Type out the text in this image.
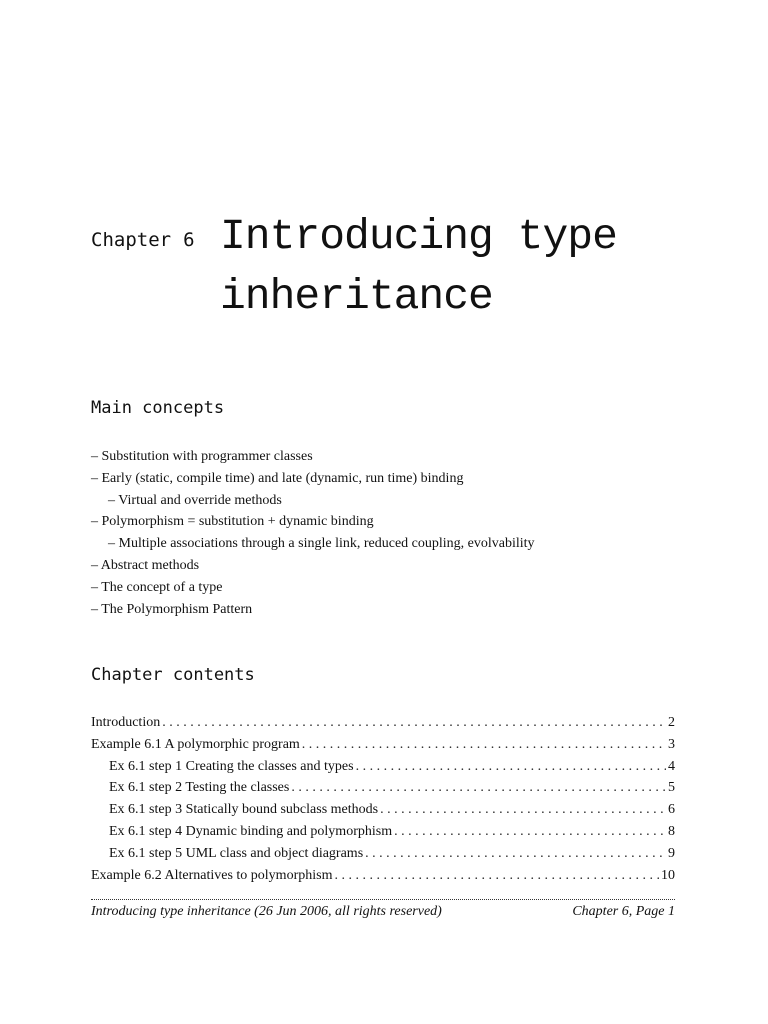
Chapter 6 Introducing type inheritance
Main concepts
– Substitution with programmer classes
– Early (static, compile time) and late (dynamic, run time) binding
– Virtual and override methods
– Polymorphism = substitution + dynamic binding
– Multiple associations through a single link, reduced coupling, evolvability
– Abstract methods
– The concept of a type
– The Polymorphism Pattern
Chapter contents
Introduction . . .	2
Example 6.1 A polymorphic program . . .	3
Ex 6.1 step 1 Creating the classes and types . . .	4
Ex 6.1 step 2 Testing the classes . . .	5
Ex 6.1 step 3 Statically bound subclass methods . . .	6
Ex 6.1 step 4 Dynamic binding and polymorphism . . .	8
Ex 6.1 step 5 UML class and object diagrams . . .	9
Example 6.2 Alternatives to polymorphism . . .	10
Introducing type inheritance (26 Jun 2006, all rights reserved)	Chapter 6, Page 1
